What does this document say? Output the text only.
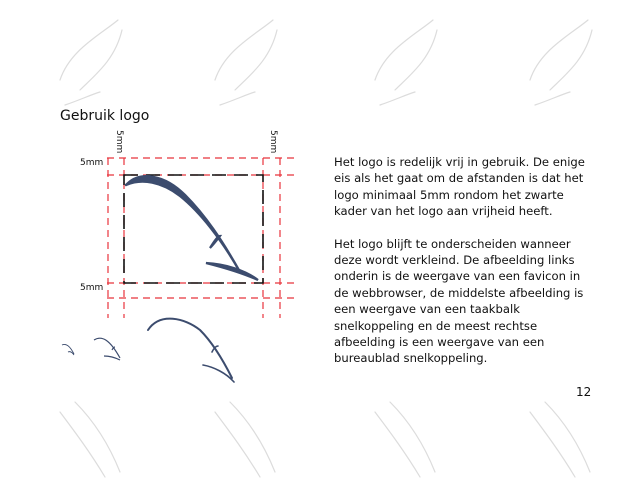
Gebruik logo
5mm
5mm
5mm	5mm

Het logo is redelijk vrij in gebruik. De enige eis als het gaat om de afstanden is dat het logo minimaal 5mm rondom het zwarte kader van het logo aan vrijheid heeft.

Het logo blijft te onderscheiden wanneer deze wordt verkleind. De afbeelding links onderin is de weergave van een favicon in de webbrowser, de middelste afbeelding is een weergave van een taakbalk snelkoppeling en de meest rechtse afbeelding is een weergave van een bureaublad snelkoppeling.

12
